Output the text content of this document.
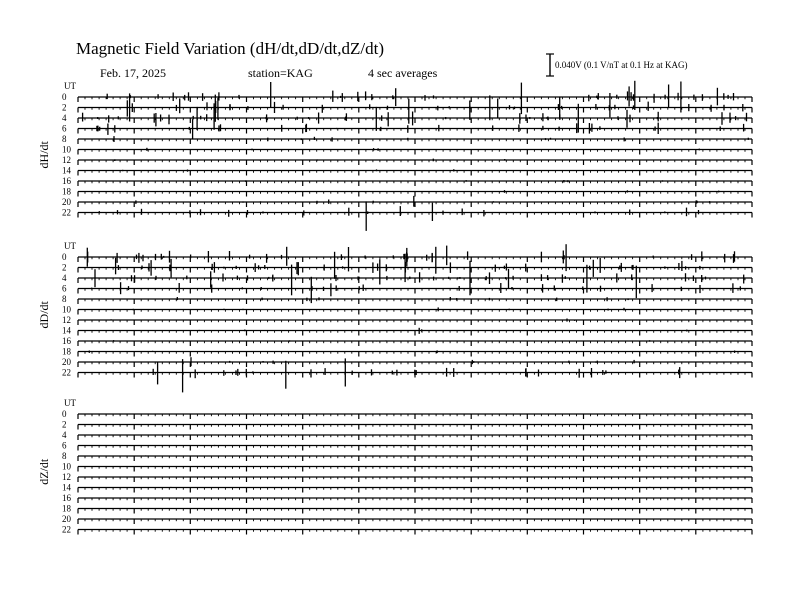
Magnetic Field Variation (dH/dt,dD/dt,dZ/dt)
Feb. 17, 2025	station=KAG	4 sec averages
0.040V (0.1 V/nT at 0.1 Hz at KAG)
UT
dH/dt
0
2
4
6
8
10
12
14
16
18
20
22
UT
dD/dt
0
2
4
6
8
10
12
14
16
18
20
22
UT
dZ/dt
0
2
4
6
8
10
12
14
16
18
20
22
